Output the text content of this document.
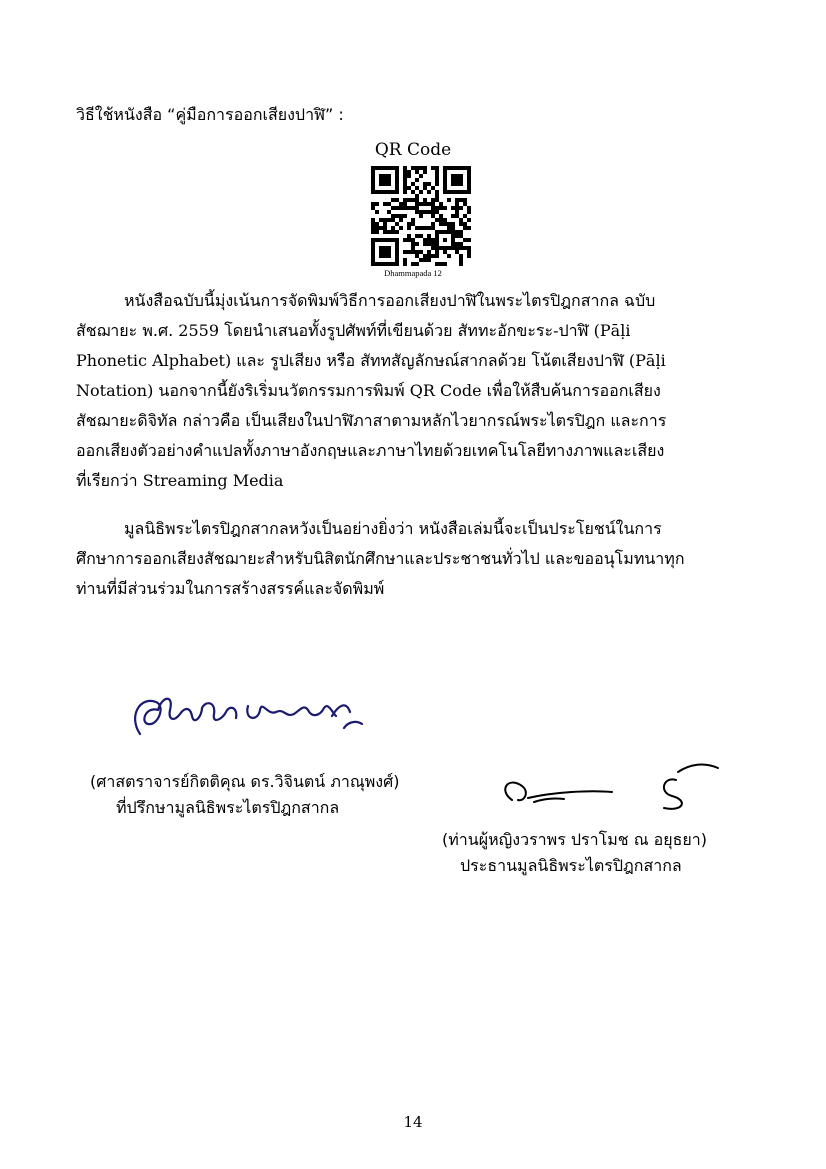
วิธีใช้หนังสือ “คู่มือการออกเสียงปาฬิ” :
QR Code
Dhammapada 12
หนังสือฉบับนี้มุ่งเน้นการจัดพิมพ์วิธีการออกเสียงปาฬิในพระไตรปิฎกสากล ฉบับ
สัชฌายะ พ.ศ. 2559 โดยนำเสนอทั้งรูปศัพท์ที่เขียนด้วย สัททะอักขะระ-ปาฬิ (Pāḷi
Phonetic Alphabet) และ รูปเสียง หรือ สัททสัญลักษณ์สากลด้วย โน้ตเสียงปาฬิ (Pāḷi
Notation) นอกจากนี้ยังริเริ่มนวัตกรรมการพิมพ์ QR Code เพื่อให้สืบค้นการออกเสียง
สัชฌายะดิจิทัล กล่าวคือ เป็นเสียงในปาฬิภาสาตามหลักไวยากรณ์พระไตรปิฎก และการ
ออกเสียงตัวอย่างคำแปลทั้งภาษาอังกฤษและภาษาไทยด้วยเทคโนโลยีทางภาพและเสียง
ที่เรียกว่า Streaming Media
มูลนิธิพระไตรปิฎกสากลหวังเป็นอย่างยิ่งว่า หนังสือเล่มนี้จะเป็นประโยชน์ในการ
ศึกษาการออกเสียงสัชฌายะสำหรับนิสิตนักศึกษาและประชาชนทั่วไป และขออนุโมทนาทุก
ท่านที่มีส่วนร่วมในการสร้างสรรค์และจัดพิมพ์
(ศาสตราจารย์กิตติคุณ ดร.วิจินตน์ ภาณุพงศ์)
ที่ปรึกษามูลนิธิพระไตรปิฎกสากล
(ท่านผู้หญิงวราพร ปราโมช ณ อยุธยา)
ประธานมูลนิธิพระไตรปิฎกสากล
14
